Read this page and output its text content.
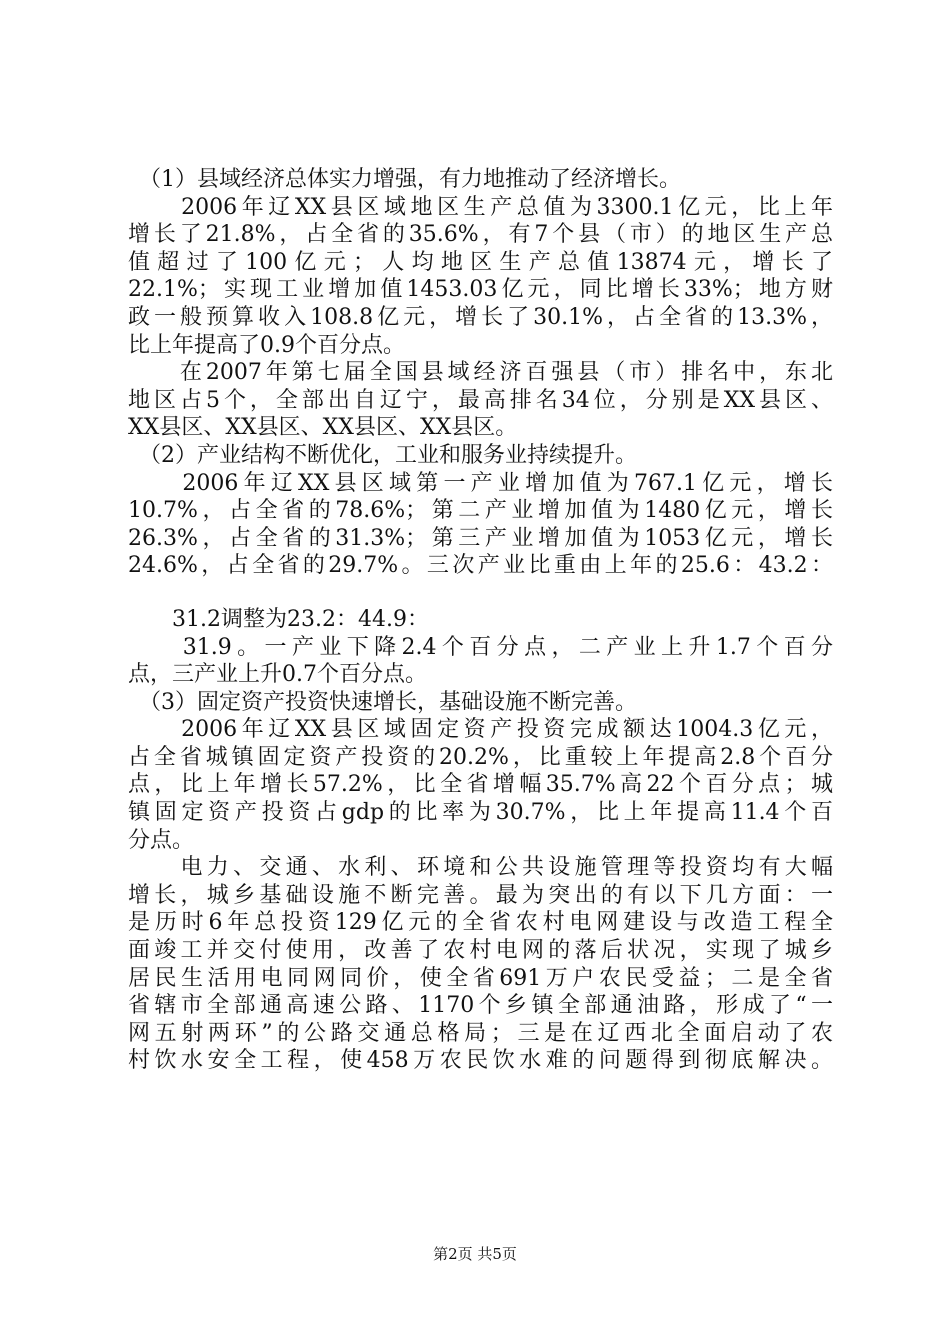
　（1）县域经济总体实力增强，有力地推动了经济增长。
　　2006年辽XX县区域地区生产总值为3300.1亿元，比上年
增长了21.8%，占全省的35.6%，有7个县（市）的地区生产总
值超过了100亿元；人均地区生产总值13874元，增长了
22.1%；实现工业增加值1453.03亿元，同比增长33%；地方财
政一般预算收入108.8亿元，增长了30.1%，占全省的13.3%，
比上年提高了0.9个百分点。
　　在2007年第七届全国县域经济百强县（市）排名中，东北
地区占5个，全部出自辽宁，最高排名34位，分别是XX县区、
XX县区、XX县区、XX县区、XX县区。
　（2）产业结构不断优化，工业和服务业持续提升。
　　2006年辽XX县区域第一产业增加值为767.1亿元，增长
10.7%，占全省的78.6%；第二产业增加值为1480亿元，增长
26.3%，占全省的31.3%；第三产业增加值为1053亿元，增长
24.6%，占全省的29.7%。三次产业比重由上年的25.6：43.2：
　　31.2调整为23.2：44.9：
　　31.9。一产业下降2.4个百分点，二产业上升1.7个百分
点，三产业上升0.7个百分点。
　（3）固定资产投资快速增长，基础设施不断完善。
　　2006年辽XX县区域固定资产投资完成额达1004.3亿元，
占全省城镇固定资产投资的20.2%，比重较上年提高2.8个百分
点，比上年增长57.2%，比全省增幅35.7%高22个百分点；城
镇固定资产投资占gdp的比率为30.7%，比上年提高11.4个百
分点。
　　电力、交通、水利、环境和公共设施管理等投资均有大幅
增长，城乡基础设施不断完善。最为突出的有以下几方面：一
是历时6年总投资129亿元的全省农村电网建设与改造工程全
面竣工并交付使用，改善了农村电网的落后状况，实现了城乡
居民生活用电同网同价，使全省691万户农民受益；二是全省
省辖市全部通高速公路、1170个乡镇全部通油路，形成了“一
网五射两环”的公路交通总格局；三是在辽西北全面启动了农
村饮水安全工程，使458万农民饮水难的问题得到彻底解决。
第2页 共5页
